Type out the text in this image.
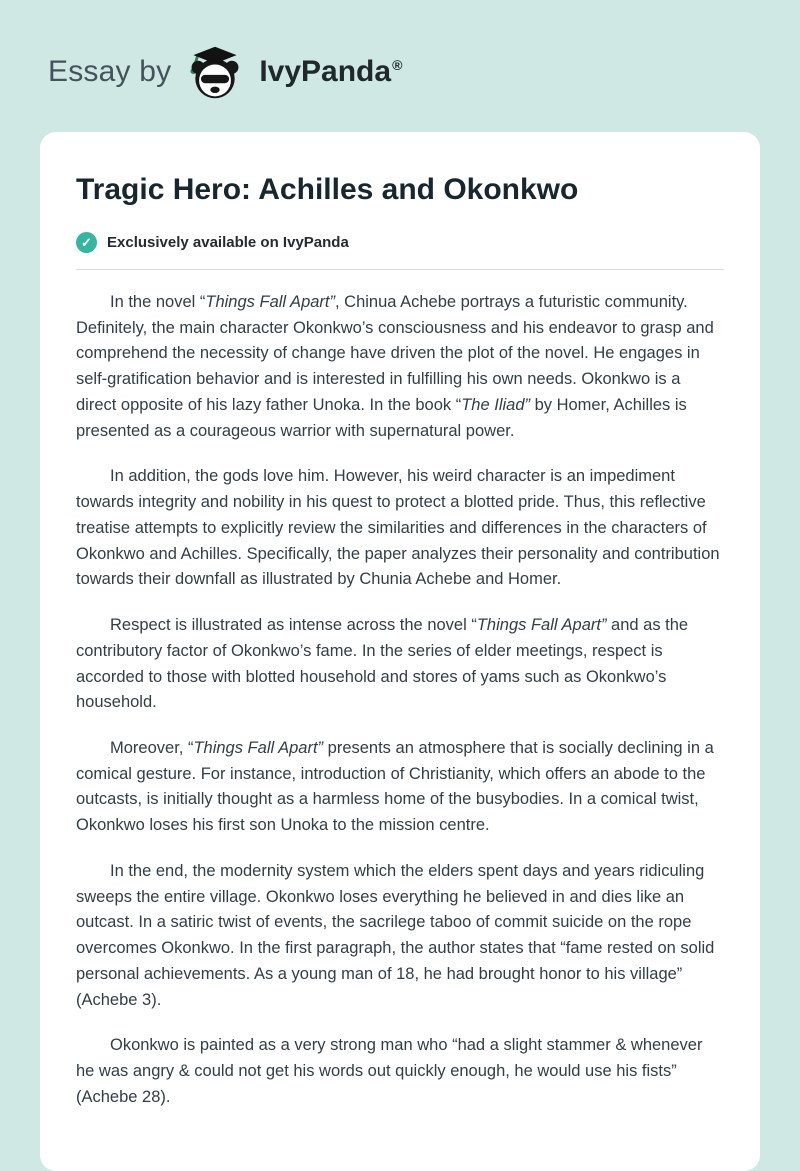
Essay by	IvyPanda ®
Tragic Hero: Achilles and Okonkwo
✓	Exclusively available on IvyPanda

In the novel “Things Fall Apart”, Chinua Achebe portrays a futuristic community. Definitely, the main character Okonkwo’s consciousness and his endeavor to grasp and comprehend the necessity of change have driven the plot of the novel. He engages in self-gratification behavior and is interested in fulfilling his own needs. Okonkwo is a direct opposite of his lazy father Unoka. In the book “The Iliad” by Homer, Achilles is presented as a courageous warrior with supernatural power.

In addition, the gods love him. However, his weird character is an impediment towards integrity and nobility in his quest to protect a blotted pride. Thus, this reflective treatise attempts to explicitly review the similarities and differences in the characters of Okonkwo and Achilles. Specifically, the paper analyzes their personality and contribution towards their downfall as illustrated by Chunia Achebe and Homer.

Respect is illustrated as intense across the novel “Things Fall Apart” and as the contributory factor of Okonkwo’s fame. In the series of elder meetings, respect is accorded to those with blotted household and stores of yams such as Okonkwo’s household.

Moreover, “Things Fall Apart” presents an atmosphere that is socially declining in a comical gesture. For instance, introduction of Christianity, which offers an abode to the outcasts, is initially thought as a harmless home of the busybodies. In a comical twist, Okonkwo loses his first son Unoka to the mission centre.

In the end, the modernity system which the elders spent days and years ridiculing sweeps the entire village. Okonkwo loses everything he believed in and dies like an outcast. In a satiric twist of events, the sacrilege taboo of commit suicide on the rope overcomes Okonkwo. In the first paragraph, the author states that “fame rested on solid personal achievements. As a young man of 18, he had brought honor to his village” (Achebe 3).

Okonkwo is painted as a very strong man who “had a slight stammer & whenever he was angry & could not get his words out quickly enough, he would use his fists” (Achebe 28).
